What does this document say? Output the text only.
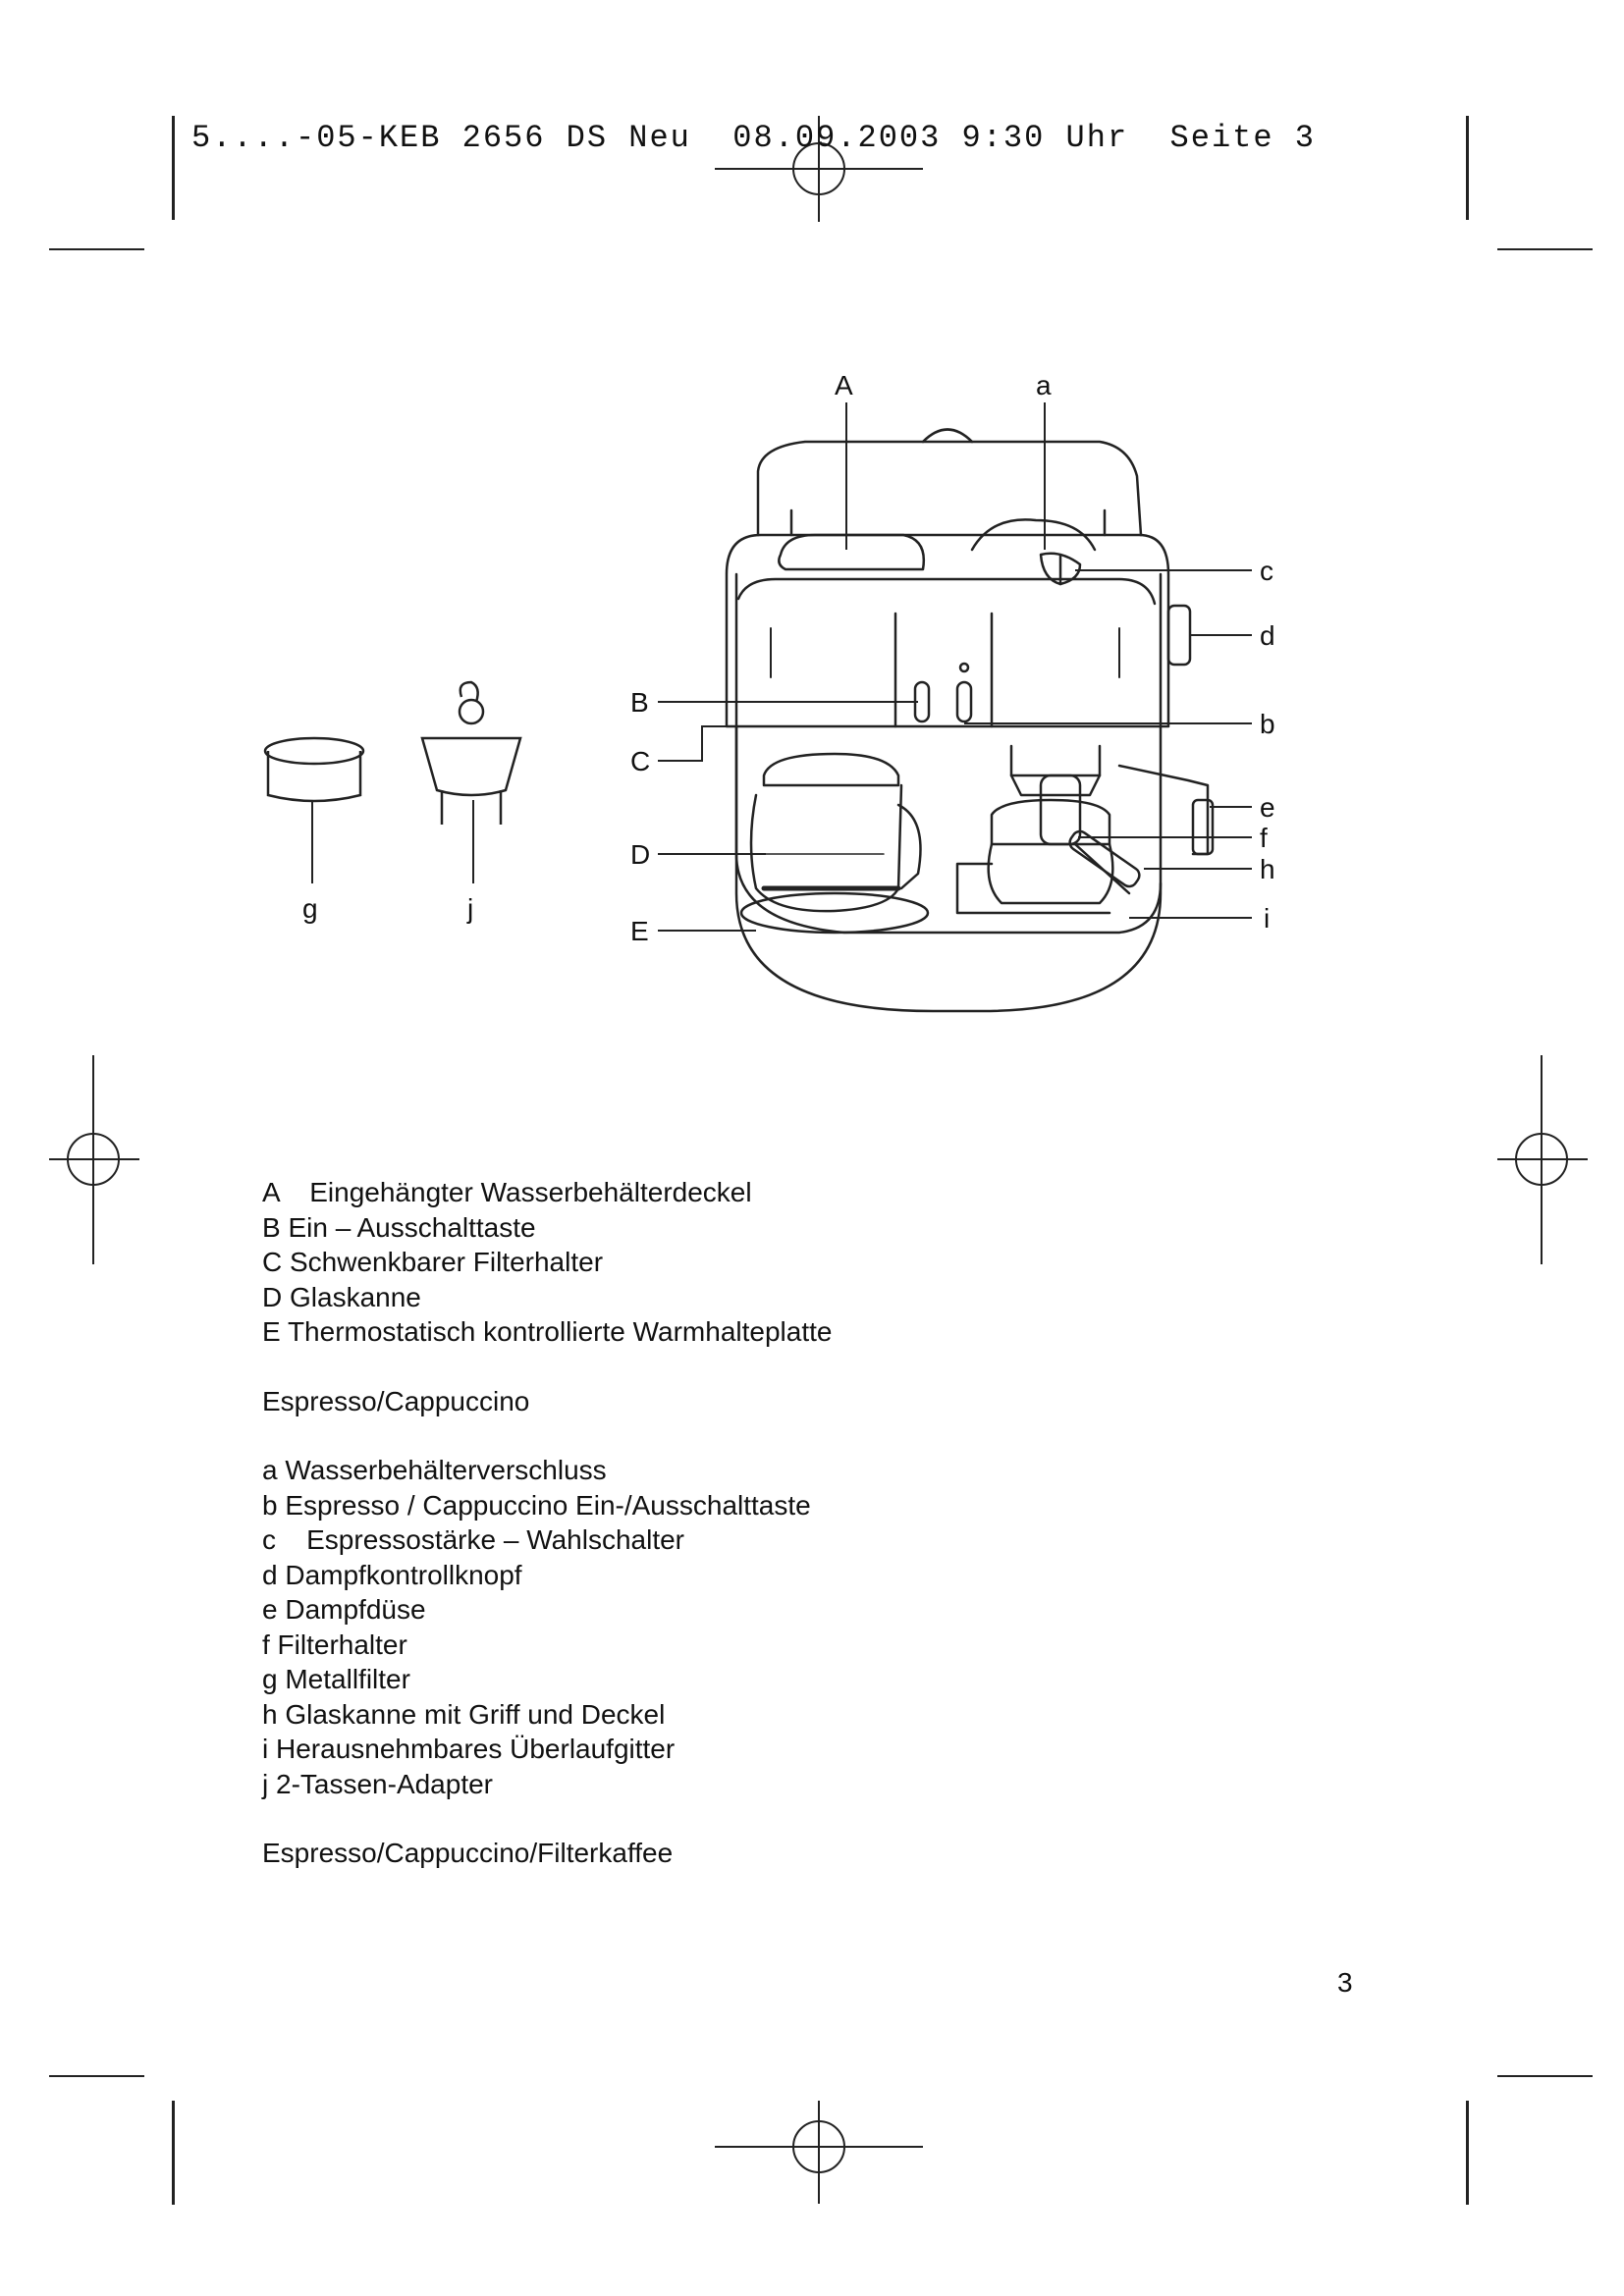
5....-05-KEB 2656 DS Neu  08.09.2003 9:30 Uhr  Seite 3
A	a
c
d
B
b
C
e
f
h
D
i
E
g	j
A    Eingehängter Wasserbehälterdeckel
B Ein – Ausschalttaste
C Schwenkbarer Filterhalter
D Glaskanne
E Thermostatisch kontrollierte Warmhalteplatte
Espresso/Cappuccino
a Wasserbehälterverschluss
b Espresso / Cappuccino Ein-/Ausschalttaste
c    Espressostärke – Wahlschalter
d Dampfkontrollknopf
e Dampfdüse
f Filterhalter
g Metallfilter
h Glaskanne mit Griff und Deckel
i Herausnehmbares Überlaufgitter
j 2-Tassen-Adapter
Espresso/Cappuccino/Filterkaffee
3
